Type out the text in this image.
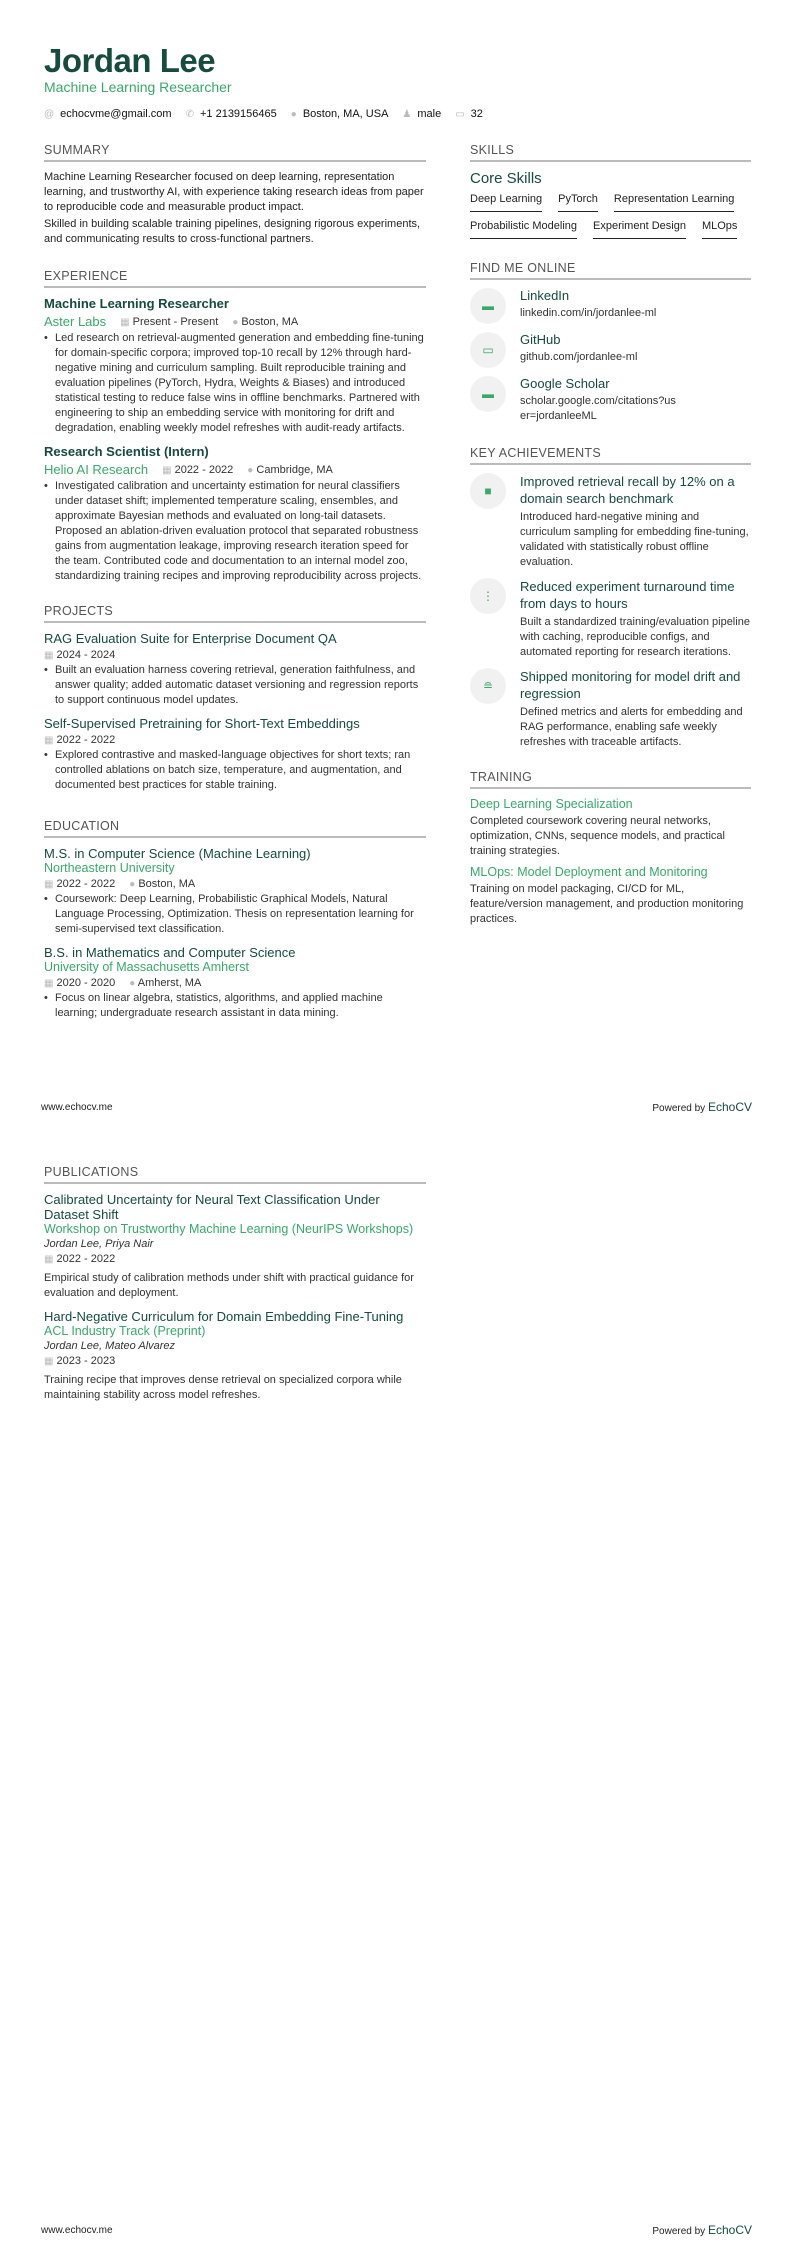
Jordan Lee
Machine Learning Researcher
@ echocvme@gmail.com ✆ +1 2139156465 ● Boston, MA, USA ♟ male ▭ 32
SUMMARY
Machine Learning Researcher focused on deep learning, representation learning, and trustworthy AI, with experience taking research ideas from paper to reproducible code and measurable product impact.
Skilled in building scalable training pipelines, designing rigorous experiments, and communicating results to cross-functional partners.
EXPERIENCE
Machine Learning Researcher
Aster Labs ▦ Present - Present ● Boston, MA
• Led research on retrieval-augmented generation and embedding fine-tuning for domain-specific corpora; improved top-10 recall by 12% through hard-negative mining and curriculum sampling. Built reproducible training and evaluation pipelines (PyTorch, Hydra, Weights & Biases) and introduced statistical testing to reduce false wins in offline benchmarks. Partnered with engineering to ship an embedding service with monitoring for drift and degradation, enabling weekly model refreshes with audit-ready artifacts.
Research Scientist (Intern)
Helio AI Research ▦ 2022 - 2022 ● Cambridge, MA
• Investigated calibration and uncertainty estimation for neural classifiers under dataset shift; implemented temperature scaling, ensembles, and approximate Bayesian methods and evaluated on long-tail datasets. Proposed an ablation-driven evaluation protocol that separated robustness gains from augmentation leakage, improving research iteration speed for the team. Contributed code and documentation to an internal model zoo, standardizing training recipes and improving reproducibility across projects.
PROJECTS
RAG Evaluation Suite for Enterprise Document QA
▦ 2024 - 2024
• Built an evaluation harness covering retrieval, generation faithfulness, and answer quality; added automatic dataset versioning and regression reports to support continuous model updates.
Self-Supervised Pretraining for Short-Text Embeddings
▦ 2022 - 2022
• Explored contrastive and masked-language objectives for short texts; ran controlled ablations on batch size, temperature, and augmentation, and documented best practices for stable training.
EDUCATION
M.S. in Computer Science (Machine Learning)
Northeastern University
▦ 2022 - 2022 ● Boston, MA
• Coursework: Deep Learning, Probabilistic Graphical Models, Natural Language Processing, Optimization. Thesis on representation learning for semi-supervised text classification.
B.S. in Mathematics and Computer Science
University of Massachusetts Amherst
▦ 2020 - 2020 ● Amherst, MA
• Focus on linear algebra, statistics, algorithms, and applied machine learning; undergraduate research assistant in data mining.
SKILLS
Core Skills
Deep Learning PyTorch Representation Learning
Probabilistic Modeling Experiment Design MLOps
FIND ME ONLINE
▬
LinkedIn
linkedin.com/in/jordanlee-ml
▭
GitHub
github.com/jordanlee-ml
▬
Google Scholar
scholar.google.com/citations?user=jordanleeML
KEY ACHIEVEMENTS
■
Improved retrieval recall by 12% on a domain search benchmark
Introduced hard-negative mining and curriculum sampling for embedding fine-tuning, validated with statistically robust offline evaluation.
⋮
Reduced experiment turnaround time from days to hours
Built a standardized training/evaluation pipeline with caching, reproducible configs, and automated reporting for research iterations.
≘
Shipped monitoring for model drift and regression
Defined metrics and alerts for embedding and RAG performance, enabling safe weekly refreshes with traceable artifacts.
TRAINING
Deep Learning Specialization
Completed coursework covering neural networks, optimization, CNNs, sequence models, and practical training strategies.
MLOps: Model Deployment and Monitoring
Training on model packaging, CI/CD for ML, feature/version management, and production monitoring practices.
www.echocv.me	Powered by EchoCV
PUBLICATIONS
Calibrated Uncertainty for Neural Text Classification Under Dataset Shift
Workshop on Trustworthy Machine Learning (NeurIPS Workshops)
Jordan Lee, Priya Nair
▦ 2022 - 2022
Empirical study of calibration methods under shift with practical guidance for evaluation and deployment.
Hard-Negative Curriculum for Domain Embedding Fine-Tuning
ACL Industry Track (Preprint)
Jordan Lee, Mateo Alvarez
▦ 2023 - 2023
Training recipe that improves dense retrieval on specialized corpora while maintaining stability across model refreshes.
www.echocv.me	Powered by EchoCV
